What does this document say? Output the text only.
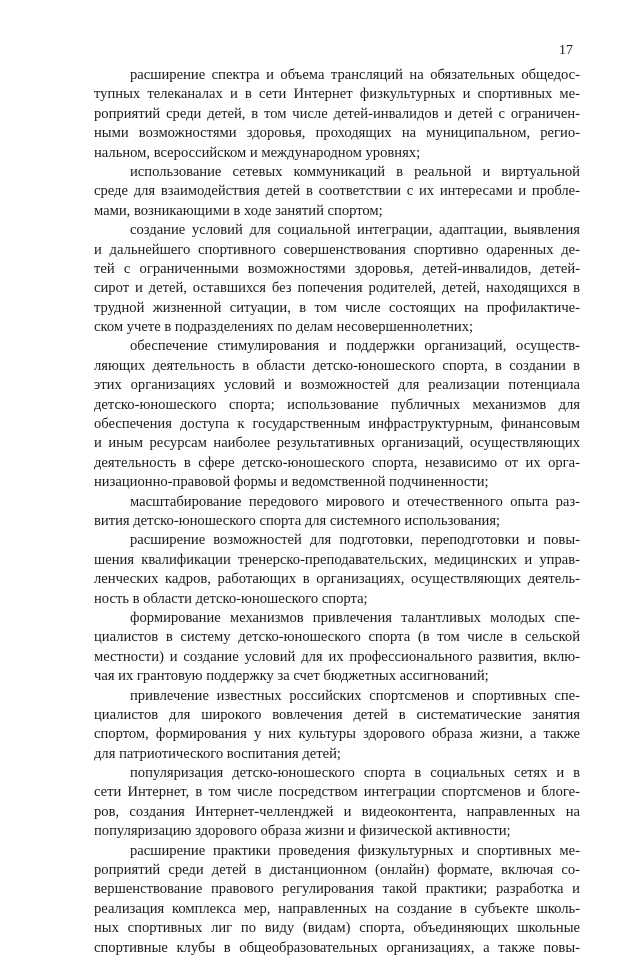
17
расширение спектра и объема трансляций на обязательных общедос-
тупных телеканалах и в сети Интернет физкультурных и спортивных ме-
роприятий среди детей, в том числе детей-инвалидов и детей с ограничен-
ными возможностями здоровья, проходящих на муниципальном, регио-
нальном, всероссийском и международном уровнях;
использование сетевых коммуникаций в реальной и виртуальной
среде для взаимодействия детей в соответствии с их интересами и пробле-
мами, возникающими в ходе занятий спортом;
создание условий для социальной интеграции, адаптации, выявления
и дальнейшего спортивного совершенствования спортивно одаренных де-
тей с ограниченными возможностями здоровья, детей-инвалидов, детей-
сирот и детей, оставшихся без попечения родителей, детей, находящихся в
трудной жизненной ситуации, в том числе состоящих на профилактиче-
ском учете в подразделениях по делам несовершеннолетних;
обеспечение стимулирования и поддержки организаций, осуществ-
ляющих деятельность в области детско-юношеского спорта, в создании в
этих организациях условий и возможностей для реализации потенциала
детско-юношеского спорта; использование публичных механизмов для
обеспечения доступа к государственным инфраструктурным, финансовым
и иным ресурсам наиболее результативных организаций, осуществляющих
деятельность в сфере детско-юношеского спорта, независимо от их орга-
низационно-правовой формы и ведомственной подчиненности;
масштабирование передового мирового и отечественного опыта раз-
вития детско-юношеского спорта для системного использования;
расширение возможностей для подготовки, переподготовки и повы-
шения квалификации тренерско-преподавательских, медицинских и управ-
ленческих кадров, работающих в организациях, осуществляющих деятель-
ность в области детско-юношеского спорта;
формирование механизмов привлечения талантливых молодых спе-
циалистов в систему детско-юношеского спорта (в том числе в сельской
местности) и создание условий для их профессионального развития, вклю-
чая их грантовую поддержку за счет бюджетных ассигнований;
привлечение известных российских спортсменов и спортивных спе-
циалистов для широкого вовлечения детей в систематические занятия
спортом, формирования у них культуры здорового образа жизни, а также
для патриотического воспитания детей;
популяризация детско-юношеского спорта в социальных сетях и в
сети Интернет, в том числе посредством интеграции спортсменов и блоге-
ров, создания Интернет-челленджей и видеоконтента, направленных на
популяризацию здорового образа жизни и физической активности;
расширение практики проведения физкультурных и спортивных ме-
роприятий среди детей в дистанционном (онлайн) формате, включая со-
вершенствование правового регулирования такой практики; разработка и
реализация комплекса мер, направленных на создание в субъекте школь-
ных спортивных лиг по виду (видам) спорта, объединяющих школьные
спортивные клубы в общеобразовательных организациях, а также повы-
